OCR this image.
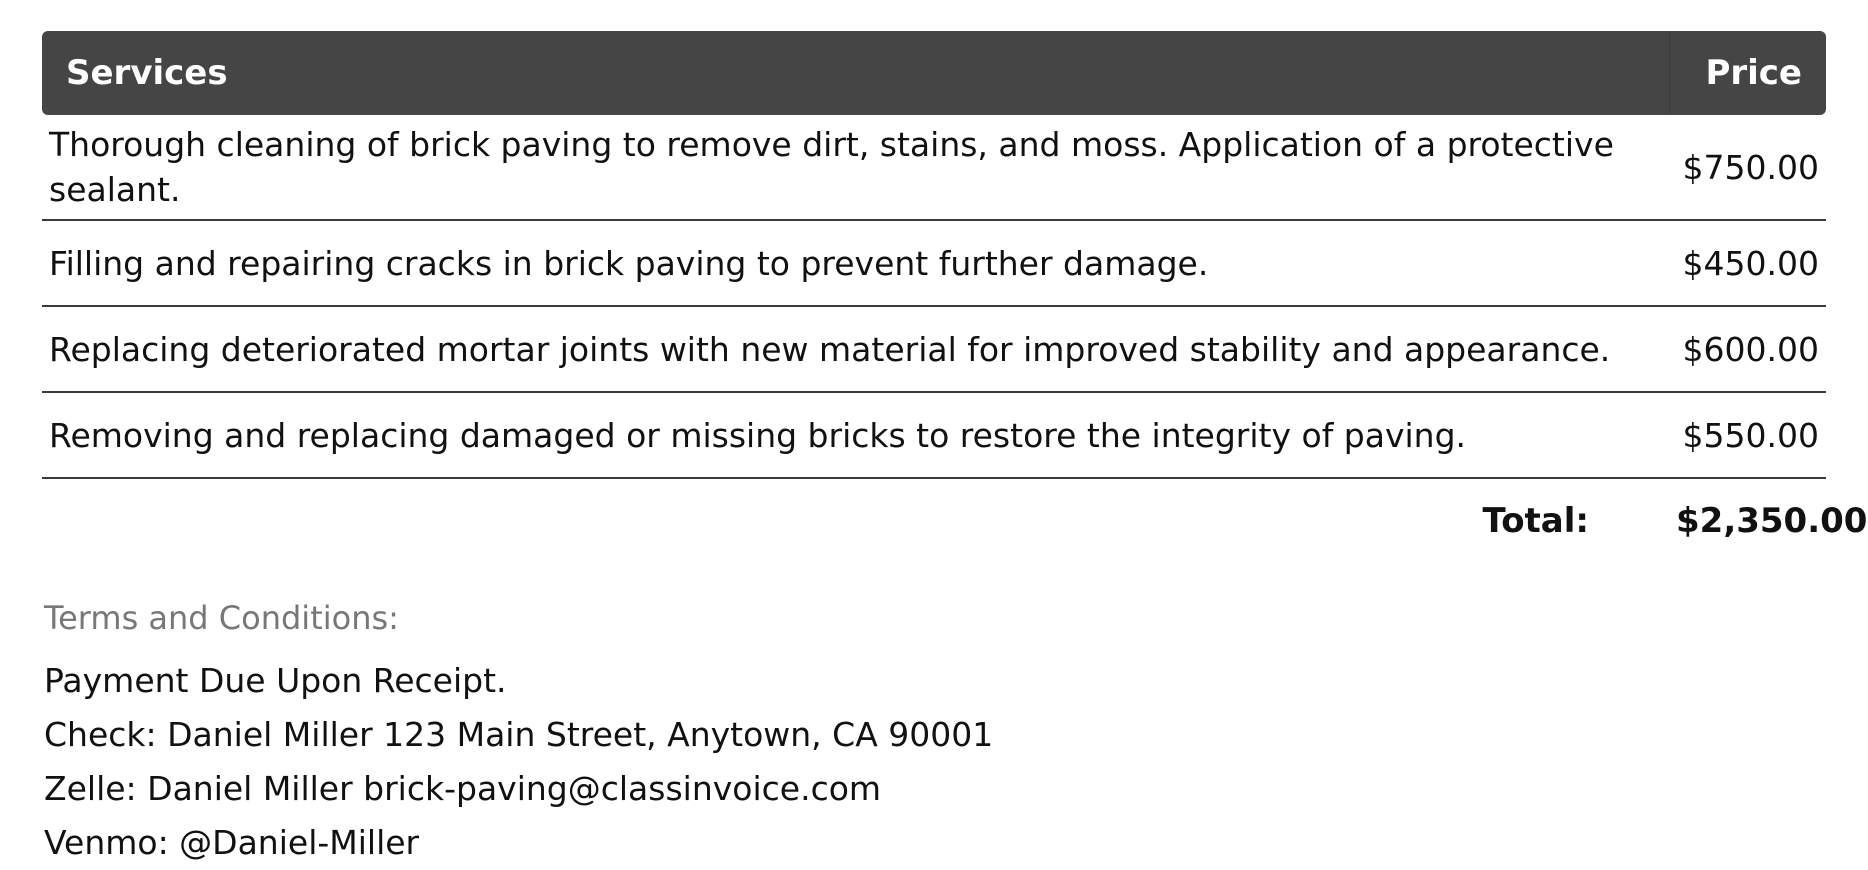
Services	Price
Thorough cleaning of brick paving to remove dirt, stains, and moss. Application of a protective sealant.	$750.00
Filling and repairing cracks in brick paving to prevent further damage.	$450.00
Replacing deteriorated mortar joints with new material for improved stability and appearance.	$600.00
Removing and replacing damaged or missing bricks to restore the integrity of paving.	$550.00
Total:	$2,350.00

Terms and Conditions:

Payment Due Upon Receipt.

Check: Daniel Miller 123 Main Street, Anytown, CA 90001

Zelle: Daniel Miller brick-paving@classinvoice.com

Venmo: @Daniel-Miller
